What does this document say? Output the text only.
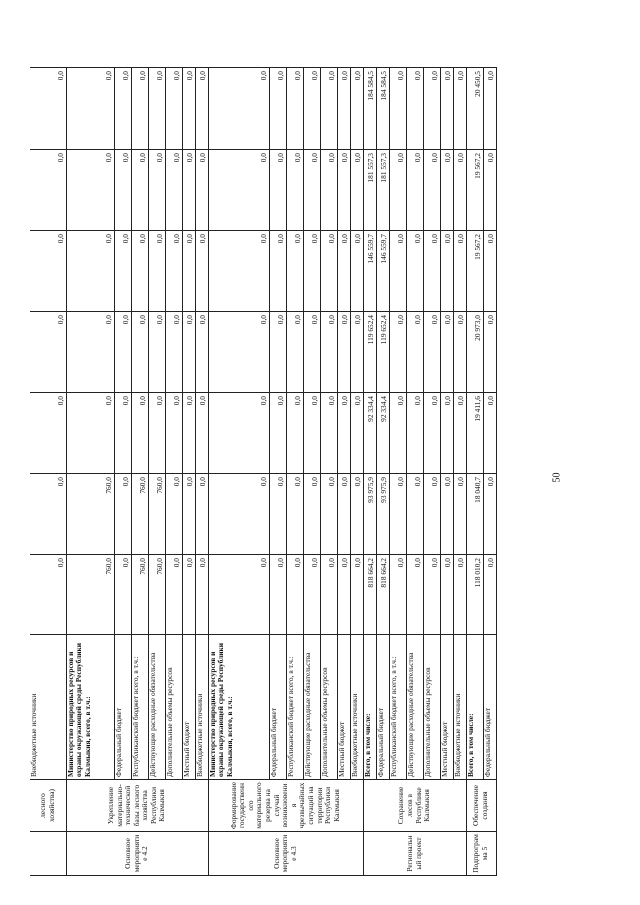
	лесного хозяйства)	Внебюджетные источники	0,0	0,0	0,0	0,0	0,0	0,0	0,0
Основное мероприятие 4.2	Укрепление материально-технической базы лесного хозяйства Республики Калмыкия	Министерство природных ресурсов и охраны окружающей среды Республики Калмыкия, всего, в т.ч.:	760,0	760,0	0,0	0,0	0,0	0,0	0,0
		Федеральный бюджет	0,0	0,0	0,0	0,0	0,0	0,0	0,0
		Республиканский бюджет всего, в т.ч.:	760,0	760,0	0,0	0,0	0,0	0,0	0,0
		Действующие расходные обязательства	760,0	760,0	0,0	0,0	0,0	0,0	0,0
		Дополнительные объемы ресурсов	0,0	0,0	0,0	0,0	0,0	0,0	0,0
		Местный бюджет	0,0	0,0	0,0	0,0	0,0	0,0	0,0
		Внебюджетные источники	0,0	0,0	0,0	0,0	0,0	0,0	0,0
Основное мероприятие 4.3	Формирование государственного материального резерва на случай возникновения чрезвычайных ситуаций на территории Республики Калмыкия	Министерство природных ресурсов и охраны окружающей среды Республики Калмыкия, всего, в т.ч.:	0,0	0,0	0,0	0,0	0,0	0,0	0,0
		Федеральный бюджет	0,0	0,0	0,0	0,0	0,0	0,0	0,0
		Республиканский бюджет всего, в т.ч.:	0,0	0,0	0,0	0,0	0,0	0,0	0,0
		Действующие расходные обязательства	0,0	0,0	0,0	0,0	0,0	0,0	0,0
		Дополнительные объемы ресурсов	0,0	0,0	0,0	0,0	0,0	0,0	0,0
		Местный бюджет	0,0	0,0	0,0	0,0	0,0	0,0	0,0
		Внебюджетные источники	0,0	0,0	0,0	0,0	0,0	0,0	0,0
Региональный проект	Сохранение лесов в Республике Калмыкия	Всего, в том числе:	818 664,2	93 975,9	92 334,4	119 652,4	146 559,7	181 557,3	184 584,5
		Федеральный бюджет	818 664,2	93 975,9	92 334,4	119 652,4	146 559,7	181 557,3	184 584,5
		Республиканский бюджет всего, в т.ч.:	0,0	0,0	0,0	0,0	0,0	0,0	0,0
		Действующие расходные обязательства	0,0	0,0	0,0	0,0	0,0	0,0	0,0
		Дополнительные объемы ресурсов	0,0	0,0	0,0	0,0	0,0	0,0	0,0
		Местный бюджет	0,0	0,0	0,0	0,0	0,0	0,0	0,0
		Внебюджетные источники	0,0	0,0	0,0	0,0	0,0	0,0	0,0
Подпрограмма 5	Обеспечение создания	Всего, в том числе:	118 010,2	18 040,7	19 411,6	20 973,0	19 567,2	19 567,2	20 450,5
		Федеральный бюджет	0,0	0,0	0,0	0,0	0,0	0,0	0,0
50
